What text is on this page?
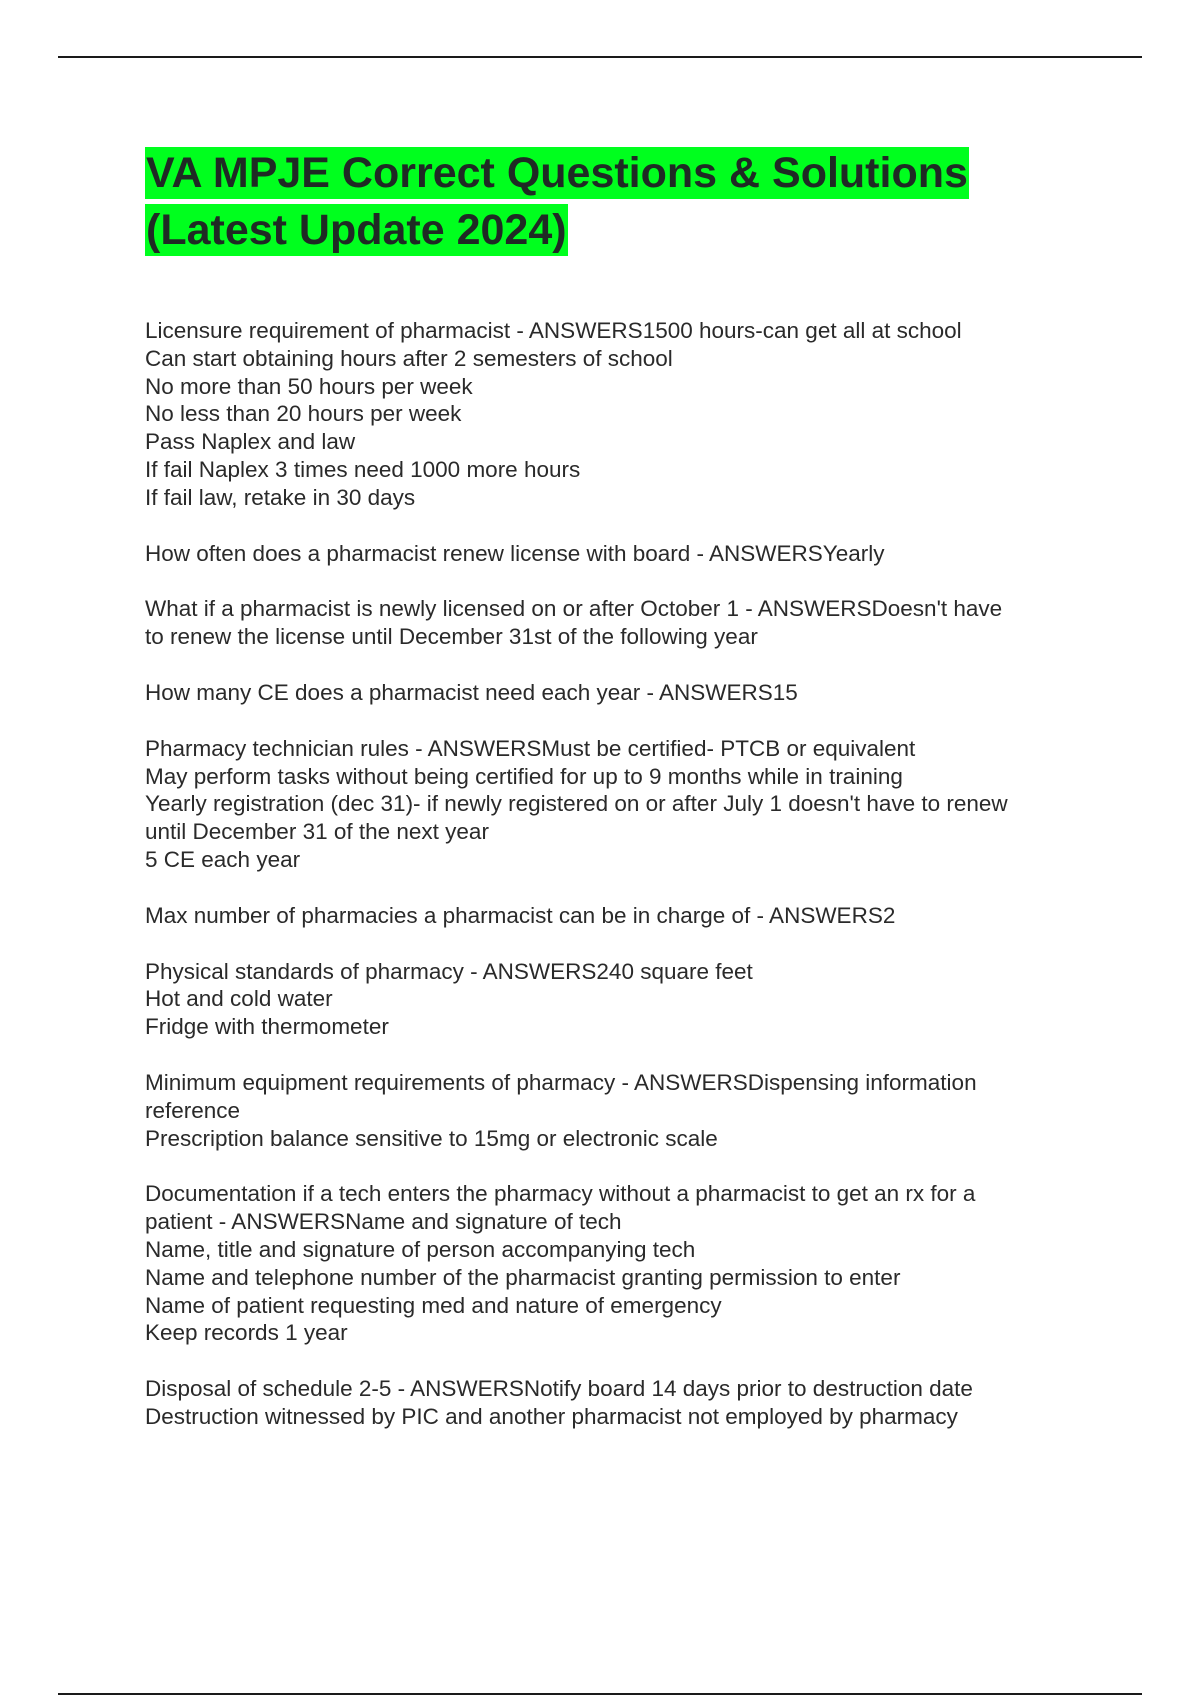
VA MPJE Correct Questions & Solutions
(Latest Update 2024)
Licensure requirement of pharmacist - ANSWERS1500 hours-can get all at school
Can start obtaining hours after 2 semesters of school
No more than 50 hours per week
No less than 20 hours per week
Pass Naplex and law
If fail Naplex 3 times need 1000 more hours
If fail law, retake in 30 days
How often does a pharmacist renew license with board - ANSWERSYearly
What if a pharmacist is newly licensed on or after October 1 - ANSWERSDoesn't have
to renew the license until December 31st of the following year
How many CE does a pharmacist need each year - ANSWERS15
Pharmacy technician rules - ANSWERSMust be certified- PTCB or equivalent
May perform tasks without being certified for up to 9 months while in training
Yearly registration (dec 31)- if newly registered on or after July 1 doesn't have to renew
until December 31 of the next year
5 CE each year
Max number of pharmacies a pharmacist can be in charge of - ANSWERS2
Physical standards of pharmacy - ANSWERS240 square feet
Hot and cold water
Fridge with thermometer
Minimum equipment requirements of pharmacy - ANSWERSDispensing information
reference
Prescription balance sensitive to 15mg or electronic scale
Documentation if a tech enters the pharmacy without a pharmacist to get an rx for a
patient - ANSWERSName and signature of tech
Name, title and signature of person accompanying tech
Name and telephone number of the pharmacist granting permission to enter
Name of patient requesting med and nature of emergency
Keep records 1 year
Disposal of schedule 2-5 - ANSWERSNotify board 14 days prior to destruction date
Destruction witnessed by PIC and another pharmacist not employed by pharmacy
